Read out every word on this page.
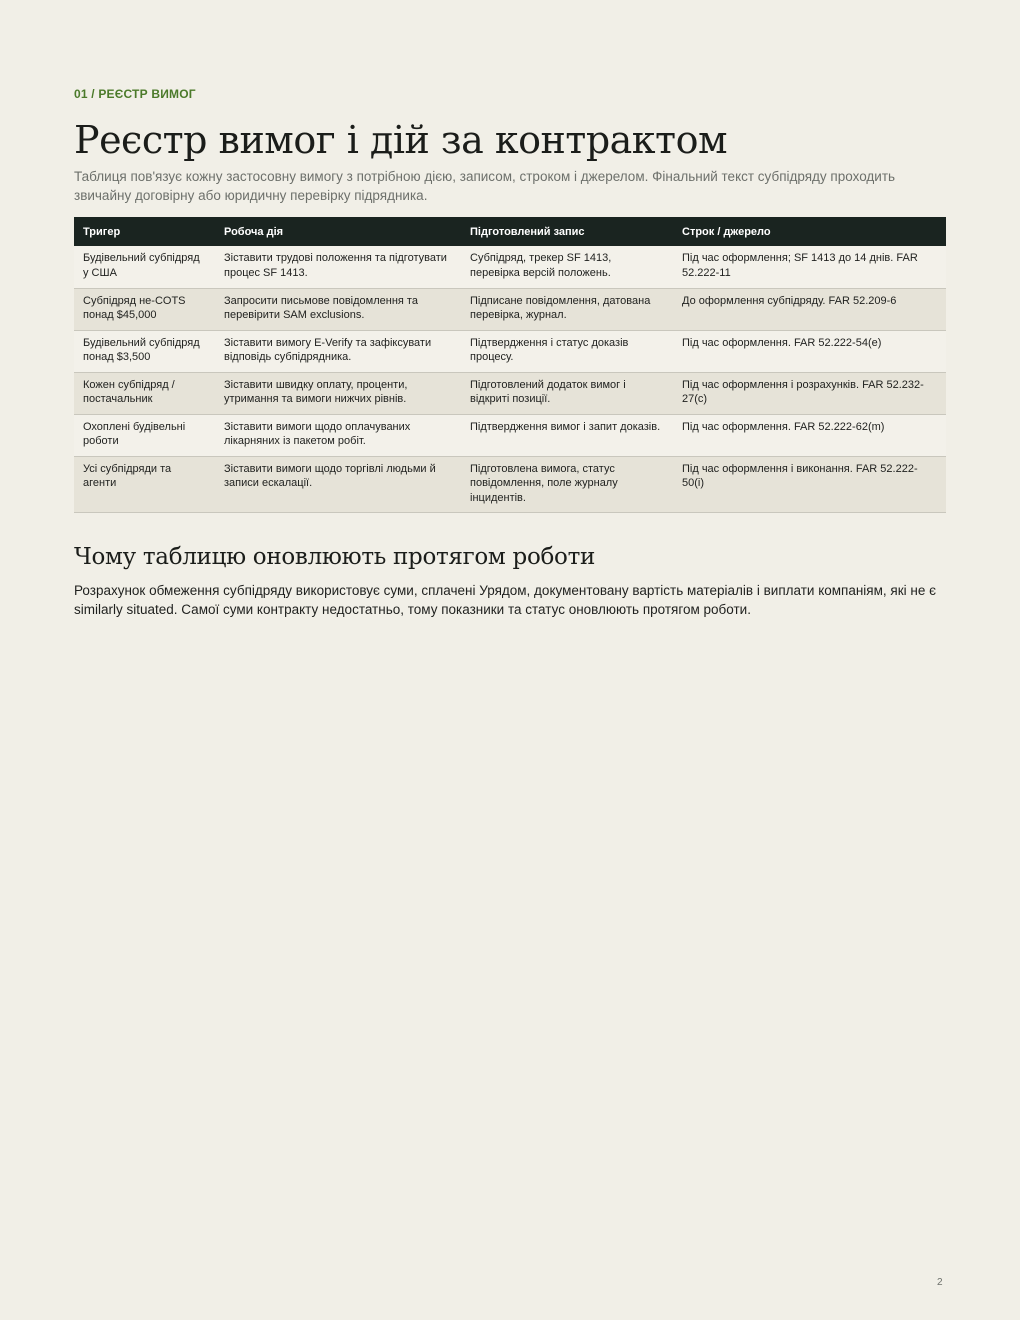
01 / РЕЄСТР ВИМОГ
Реєстр вимог і дій за контрактом

Таблиця пов'язує кожну застосовну вимогу з потрібною дією, записом, строком і джерелом. Фінальний текст субпідряду проходить звичайну договірну або юридичну перевірку підрядника.

Тригер	Робоча дія	Підготовлений запис	Строк / джерело
Будівельний субпідряд у США	Зіставити трудові положення та підготувати процес SF 1413.	Субпідряд, трекер SF 1413, перевірка версій положень.	Під час оформлення; SF 1413 до 14 днів. FAR 52.222-11
Субпідряд не-COTS понад $45,000	Запросити письмове повідомлення та перевірити SAM exclusions.	Підписане повідомлення, датована перевірка, журнал.	До оформлення субпідряду. FAR 52.209-6
Будівельний субпідряд понад $3,500	Зіставити вимогу E-Verify та зафіксувати відповідь субпідрядника.	Підтвердження і статус доказів процесу.	Під час оформлення. FAR 52.222-54(e)
Кожен субпідряд / постачальник	Зіставити швидку оплату, проценти, утримання та вимоги нижчих рівнів.	Підготовлений додаток вимог і відкриті позиції.	Під час оформлення і розрахунків. FAR 52.232-27(c)
Охоплені будівельні роботи	Зіставити вимоги щодо оплачуваних лікарняних із пакетом робіт.	Підтвердження вимог і запит доказів.	Під час оформлення. FAR 52.222-62(m)
Усі субпідряди та агенти	Зіставити вимоги щодо торгівлі людьми й записи ескалації.	Підготовлена вимога, статус повідомлення, поле журналу інцидентів.	Під час оформлення і виконання. FAR 52.222-50(i)
Чому таблицю оновлюють протягом роботи

Розрахунок обмеження субпідряду використовує суми, сплачені Урядом, документовану вартість матеріалів і виплати компаніям, які не є similarly situated. Самої суми контракту недостатньо, тому показники та статус оновлюють протягом роботи.

2
